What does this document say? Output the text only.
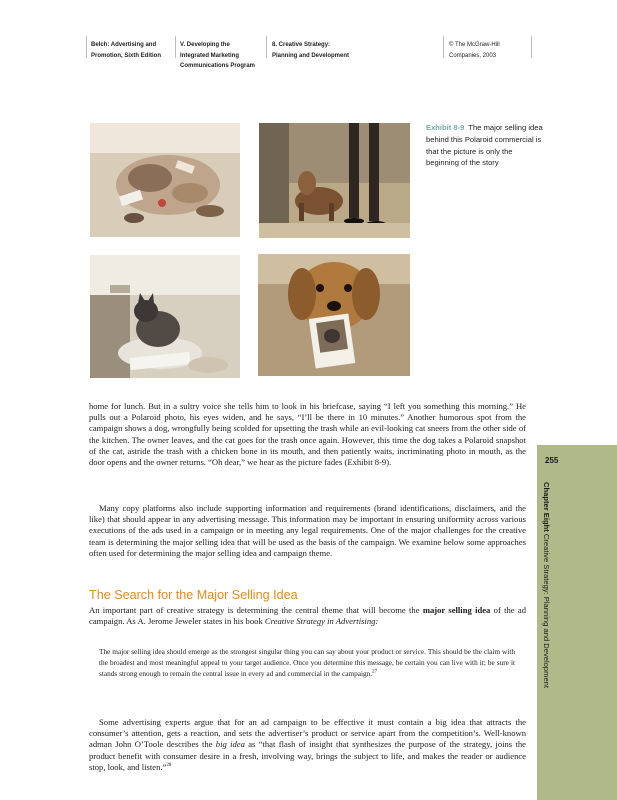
Belch: Advertising and
Promotion, Sixth Edition
V. Developing the
Integrated Marketing
Communications Program
8. Creative Strategy:
Planning and Development
© The McGraw-Hill
Companies, 2003
Exhibit 8-9 The major selling idea behind this Polaroid commercial is that the picture is only the beginning of the story
home for lunch. But in a sultry voice she tells him to look in his briefcase, saying “I left you something this morning.” He pulls out a Polaroid photo, his eyes widen, and he says, “I’ll be there in 10 minutes.” Another humorous spot from the campaign shows a dog, wrongfully being scolded for upsetting the trash while an evil-looking cat sneers from the other side of the kitchen. The owner leaves, and the cat goes for the trash once again. However, this time the dog takes a Polaroid snapshot of the cat, astride the trash with a chicken bone in its mouth, and then patiently waits, incriminating photo in mouth, as the door opens and the owner returns. “Oh dear,” we hear as the picture fades (Exhibit 8-9).
Many copy platforms also include supporting information and requirements (brand identifications, disclaimers, and the like) that should appear in any advertising message. This information may be important in ensuring uniformity across various executions of the ads used in a campaign or in meeting any legal requirements. One of the major challenges for the creative team is determining the major selling idea that will be used as the basis of the campaign. We examine below some approaches often used for determining the major selling idea and campaign theme.
The Search for the Major Selling Idea
An important part of creative strategy is determining the central theme that will become the major selling idea of the ad campaign. As A. Jerome Jeweler states in his book Creative Strategy in Advertising:
The major selling idea should emerge as the strongest singular thing you can say about your product or service. This should be the claim with the broadest and most meaningful appeal to your target audience. Once you determine this message, be certain you can live with it; be sure it stands strong enough to remain the central issue in every ad and commercial in the campaign.$^{27}$
Some advertising experts argue that for an ad campaign to be effective it must contain a big idea that attracts the consumer’s attention, gets a reaction, and sets the advertiser’s product or service apart from the competition’s. Well-known adman John O’Toole describes the big idea as “that flash of insight that synthesizes the purpose of the strategy, joins the product benefit with consumer desire in a fresh, involving way, brings the subject to life, and makes the reader or audience stop, look, and listen.”$^{28}$
255
Chapter Eight Creative Strategy: Planning and Development
